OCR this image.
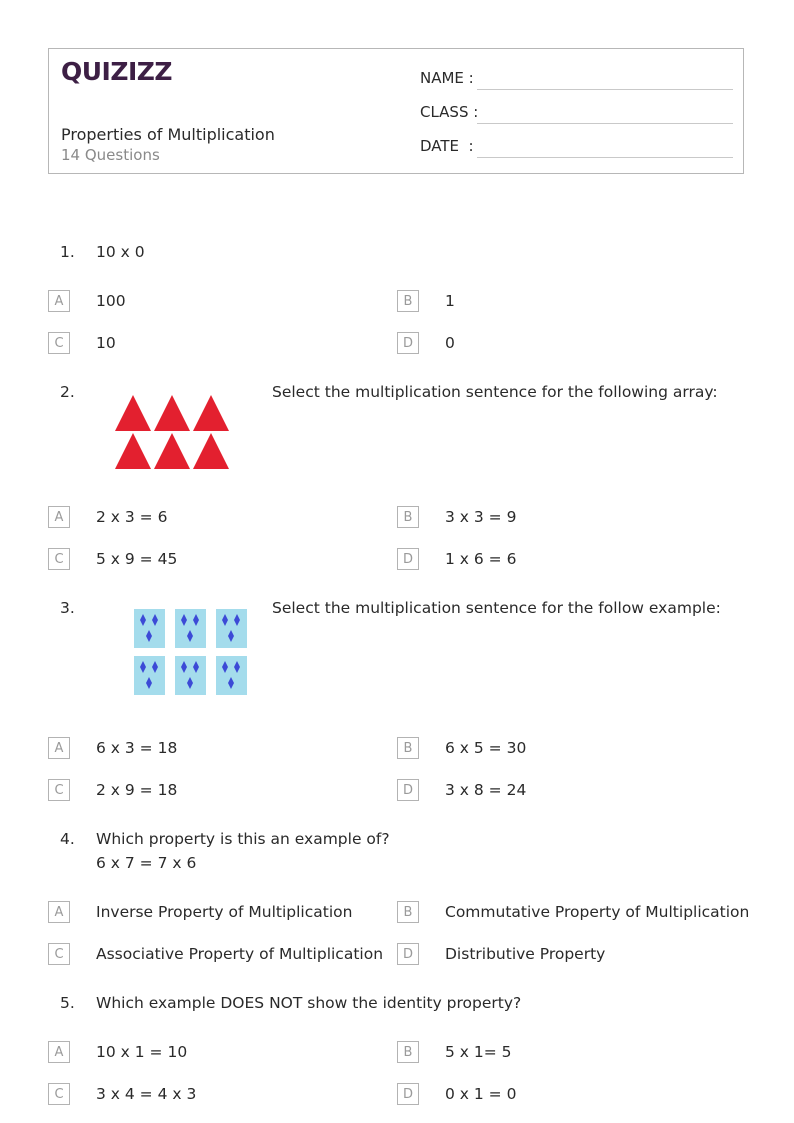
QUIZIZZ
Properties of Multiplication
14 Questions
NAME :
CLASS :
DATE  :
1. 10 x 0
A	100	B	1
C	10	D	0
2.	Select the multiplication sentence for the following array:
A	2 x 3 = 6	B	3 x 3 = 9
C	5 x 9 = 45	D	1 x 6 = 6
3.	Select the multiplication sentence for the follow example:
A	6 x 3 = 18	B	6 x 5 = 30
C	2 x 9 = 18	D	3 x 8 = 24
4. Which property is this an example of?
6 x 7 = 7 x 6
A	Inverse Property of Multiplication	B	Commutative Property of Multiplication
C	Associative Property of Multiplication	D	Distributive Property
5. Which example DOES NOT show the identity property?
A	10 x 1 = 10	B	5 x 1= 5
C	3 x 4 = 4 x 3	D	0 x 1 = 0
